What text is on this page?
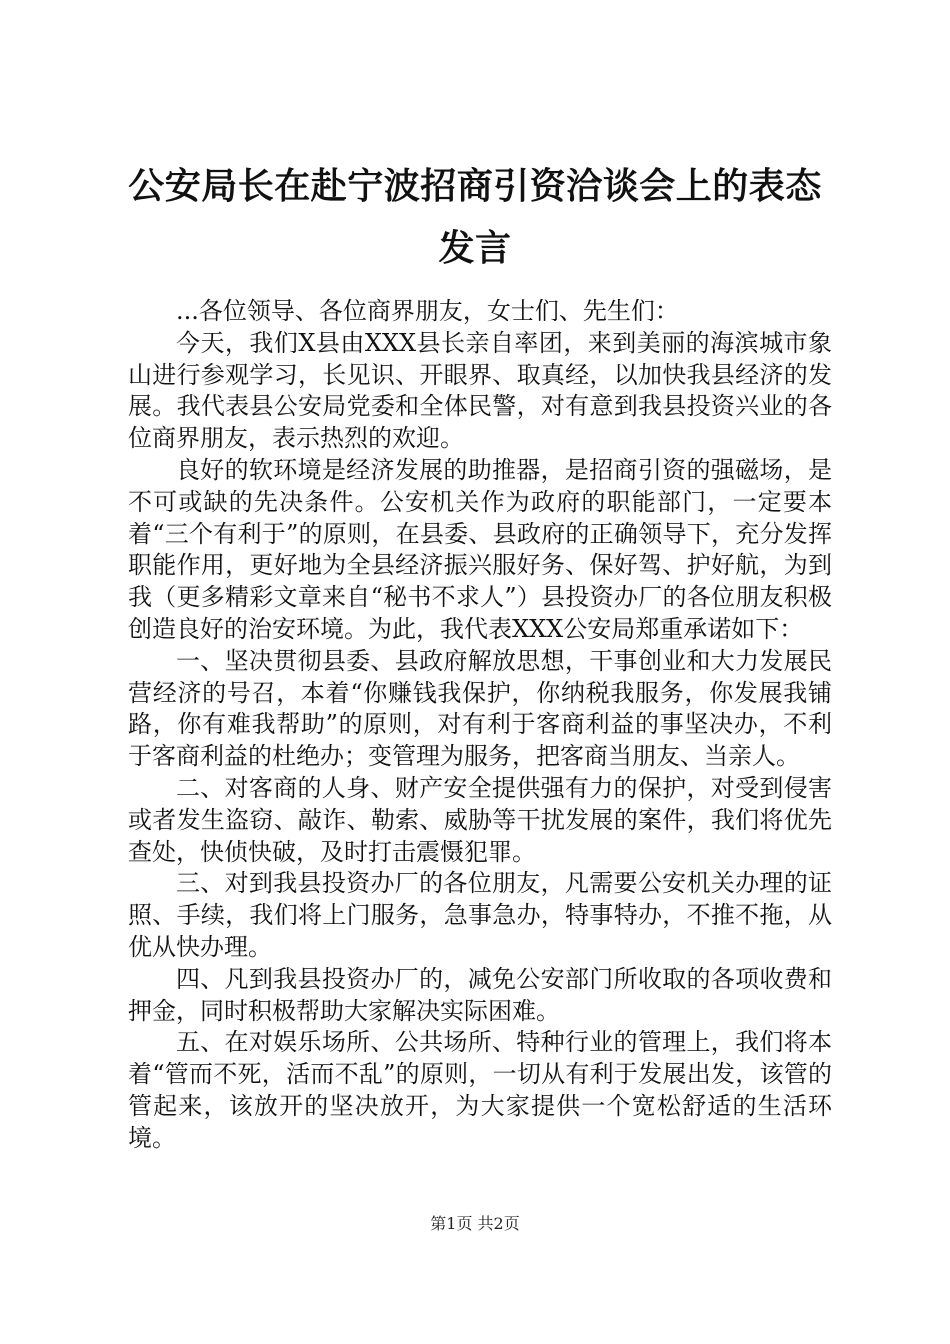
公安局长在赴宁波招商引资洽谈会上的表态发言

...各位领导、各位商界朋友，女士们、先生们：

今天，我们X县由XXX县长亲自率团，来到美丽的海滨城市象山进行参观学习，长见识、开眼界、取真经，以加快我县经济的发展。我代表县公安局党委和全体民警，对有意到我县投资兴业的各位商界朋友，表示热烈的欢迎。

良好的软环境是经济发展的助推器，是招商引资的强磁场，是不可或缺的先决条件。公安机关作为政府的职能部门，一定要本着“三个有利于”的原则，在县委、县政府的正确领导下，充分发挥职能作用，更好地为全县经济振兴服好务、保好驾、护好航，为到我（更多精彩文章来自“秘书不求人”）县投资办厂的各位朋友积极创造良好的治安环境。为此，我代表XXX公安局郑重承诺如下：

一、坚决贯彻县委、县政府解放思想，干事创业和大力发展民营经济的号召，本着“你赚钱我保护，你纳税我服务，你发展我铺路，你有难我帮助”的原则，对有利于客商利益的事坚决办，不利于客商利益的杜绝办；变管理为服务，把客商当朋友、当亲人。

二、对客商的人身、财产安全提供强有力的保护，对受到侵害或者发生盗窃、敲诈、勒索、威胁等干扰发展的案件，我们将优先查处，快侦快破，及时打击震慑犯罪。

三、对到我县投资办厂的各位朋友，凡需要公安机关办理的证照、手续，我们将上门服务，急事急办，特事特办，不推不拖，从优从快办理。

四、凡到我县投资办厂的，减免公安部门所收取的各项收费和押金，同时积极帮助大家解决实际困难。

五、在对娱乐场所、公共场所、特种行业的管理上，我们将本着“管而不死，活而不乱”的原则，一切从有利于发展出发，该管的管起来，该放开的坚决放开，为大家提供一个宽松舒适的生活环境。

第1页 共2页
